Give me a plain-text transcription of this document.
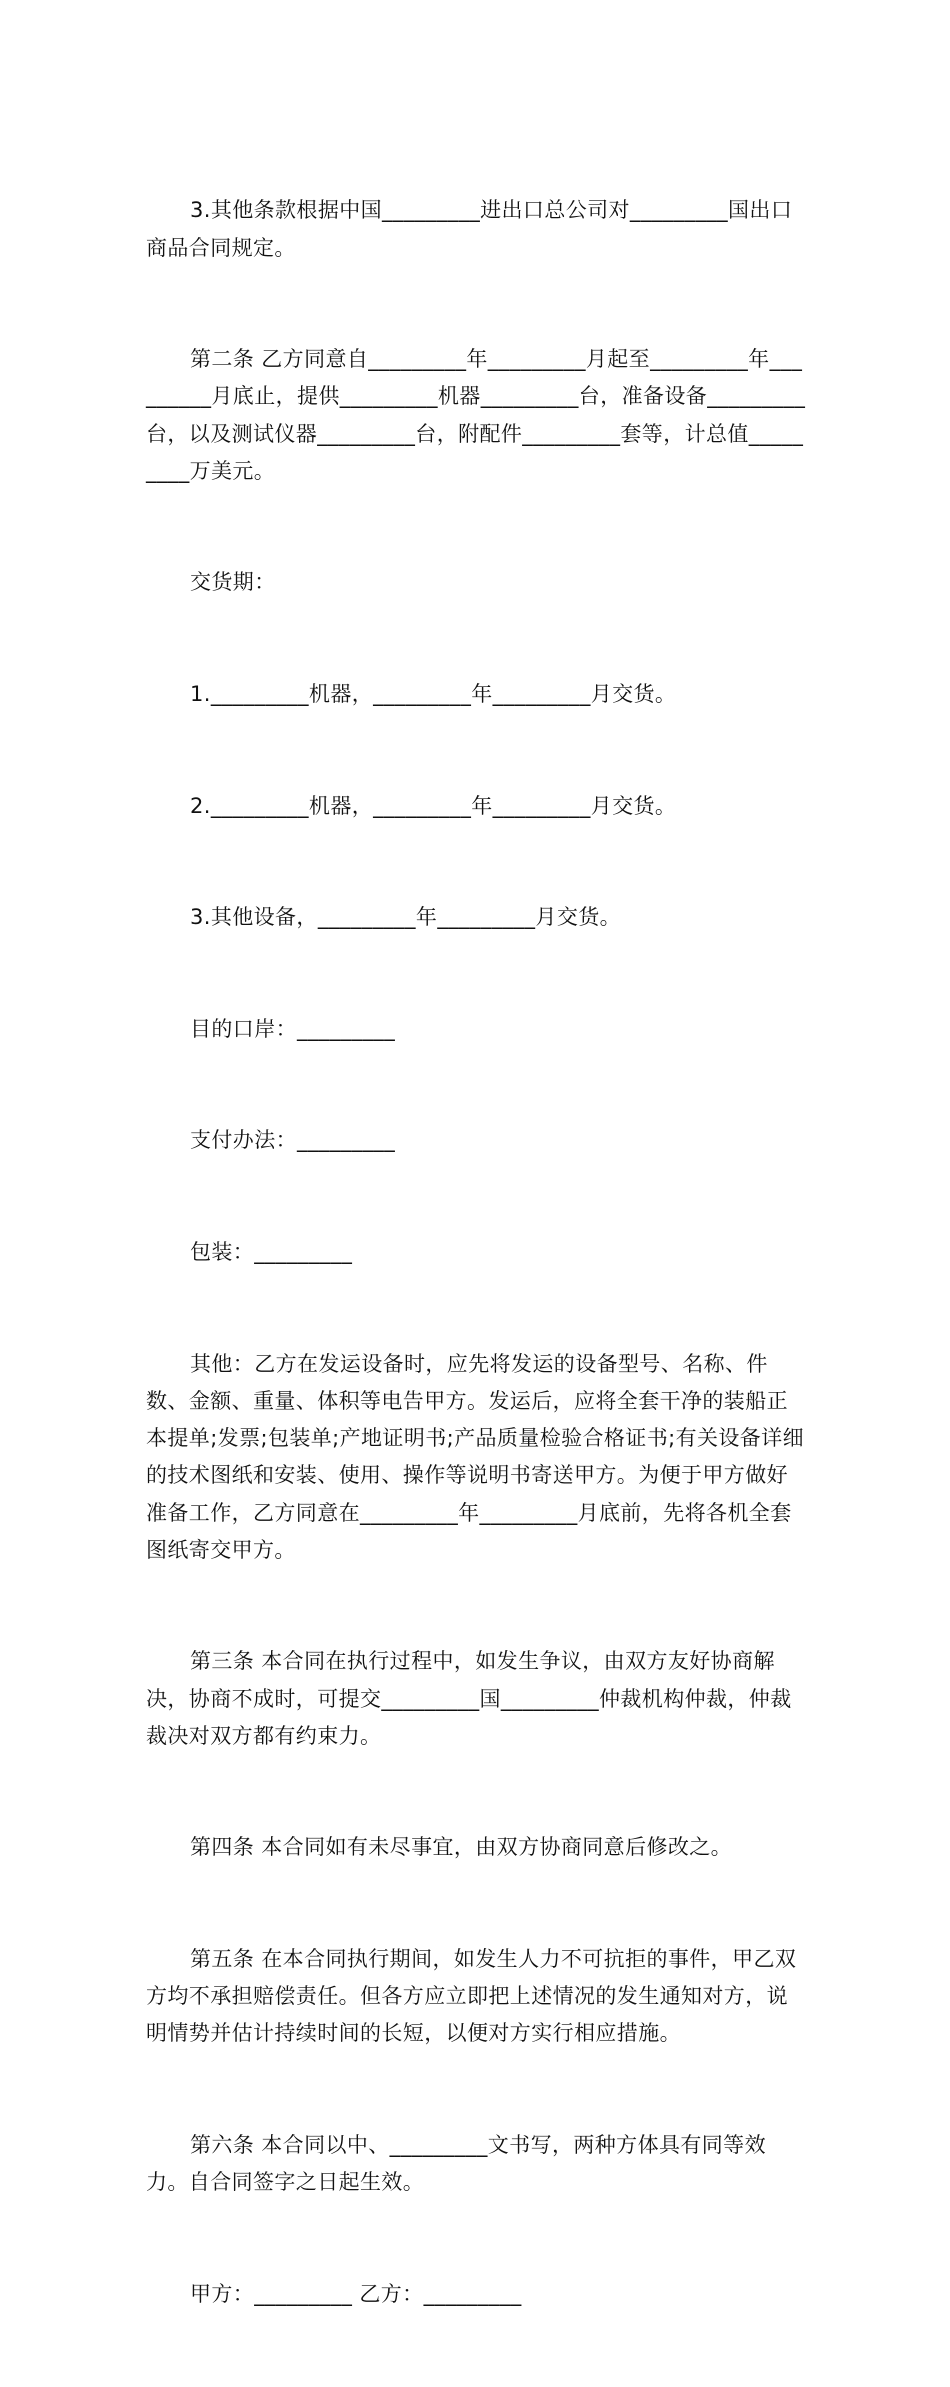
3.其他条款根据中国_________进出口总公司对_________国出口商品合同规定。

第二条 乙方同意自_________年_________月起至_________年_________月底止，提供_________机器_________台，准备设备_________台，以及测试仪器_________台，附配件_________套等，计总值_________万美元。

交货期：

1._________机器，_________年_________月交货。

2._________机器，_________年_________月交货。

3.其他设备，_________年_________月交货。

目的口岸：_________

支付办法：_________

包装：_________

其他：乙方在发运设备时，应先将发运的设备型号、名称、件数、金额、重量、体积等电告甲方。发运后，应将全套干净的装船正本提单;发票;包装单;产地证明书;产品质量检验合格证书;有关设备详细的技术图纸和安装、使用、操作等说明书寄送甲方。为便于甲方做好准备工作，乙方同意在_________年_________月底前，先将各机全套图纸寄交甲方。

第三条 本合同在执行过程中，如发生争议，由双方友好协商解决，协商不成时，可提交_________国_________仲裁机构仲裁，仲裁裁决对双方都有约束力。

第四条 本合同如有未尽事宜，由双方协商同意后修改之。

第五条 在本合同执行期间，如发生人力不可抗拒的事件，甲乙双方均不承担赔偿责任。但各方应立即把上述情况的发生通知对方，说明情势并估计持续时间的长短，以便对方实行相应措施。

第六条 本合同以中、_________文书写，两种方体具有同等效力。自合同签字之日起生效。

甲方：_________ 乙方：_________
